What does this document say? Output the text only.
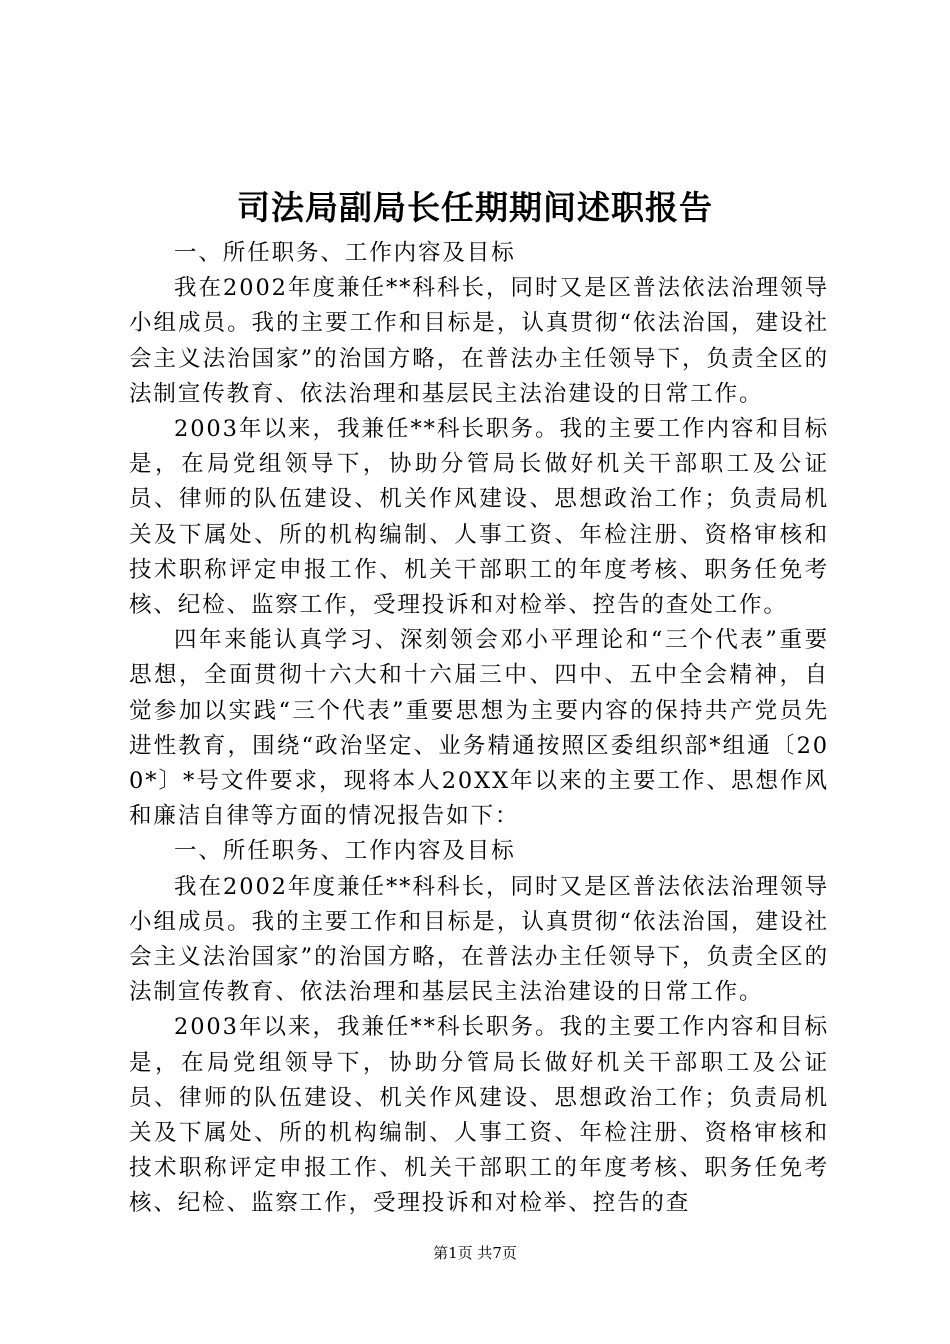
司法局副局长任期期间述职报告

一、所任职务、工作内容及目标

我在2002年度兼任**科科长，同时又是区普法依法治理领导小组成员。我的主要工作和目标是，认真贯彻“依法治国，建设社会主义法治国家”的治国方略，在普法办主任领导下，负责全区的法制宣传教育、依法治理和基层民主法治建设的日常工作。

2003年以来，我兼任**科长职务。我的主要工作内容和目标是，在局党组领导下，协助分管局长做好机关干部职工及公证员、律师的队伍建设、机关作风建设、思想政治工作；负责局机关及下属处、所的机构编制、人事工资、年检注册、资格审核和技术职称评定申报工作、机关干部职工的年度考核、职务任免考核、纪检、监察工作，受理投诉和对检举、控告的查处工作。

四年来能认真学习、深刻领会邓小平理论和“三个代表”重要思想，全面贯彻十六大和十六届三中、四中、五中全会精神，自觉参加以实践“三个代表”重要思想为主要内容的保持共产党员先进性教育，围绕“政治坚定、业务精通按照区委组织部*组通〔200*〕*号文件要求，现将本人20XX年以来的主要工作、思想作风和廉洁自律等方面的情况报告如下：

一、所任职务、工作内容及目标

我在2002年度兼任**科科长，同时又是区普法依法治理领导小组成员。我的主要工作和目标是，认真贯彻“依法治国，建设社会主义法治国家”的治国方略，在普法办主任领导下，负责全区的法制宣传教育、依法治理和基层民主法治建设的日常工作。

2003年以来，我兼任**科长职务。我的主要工作内容和目标是，在局党组领导下，协助分管局长做好机关干部职工及公证员、律师的队伍建设、机关作风建设、思想政治工作；负责局机关及下属处、所的机构编制、人事工资、年检注册、资格审核和技术职称评定申报工作、机关干部职工的年度考核、职务任免考核、纪检、监察工作，受理投诉和对检举、控告的查

第1页 共7页
